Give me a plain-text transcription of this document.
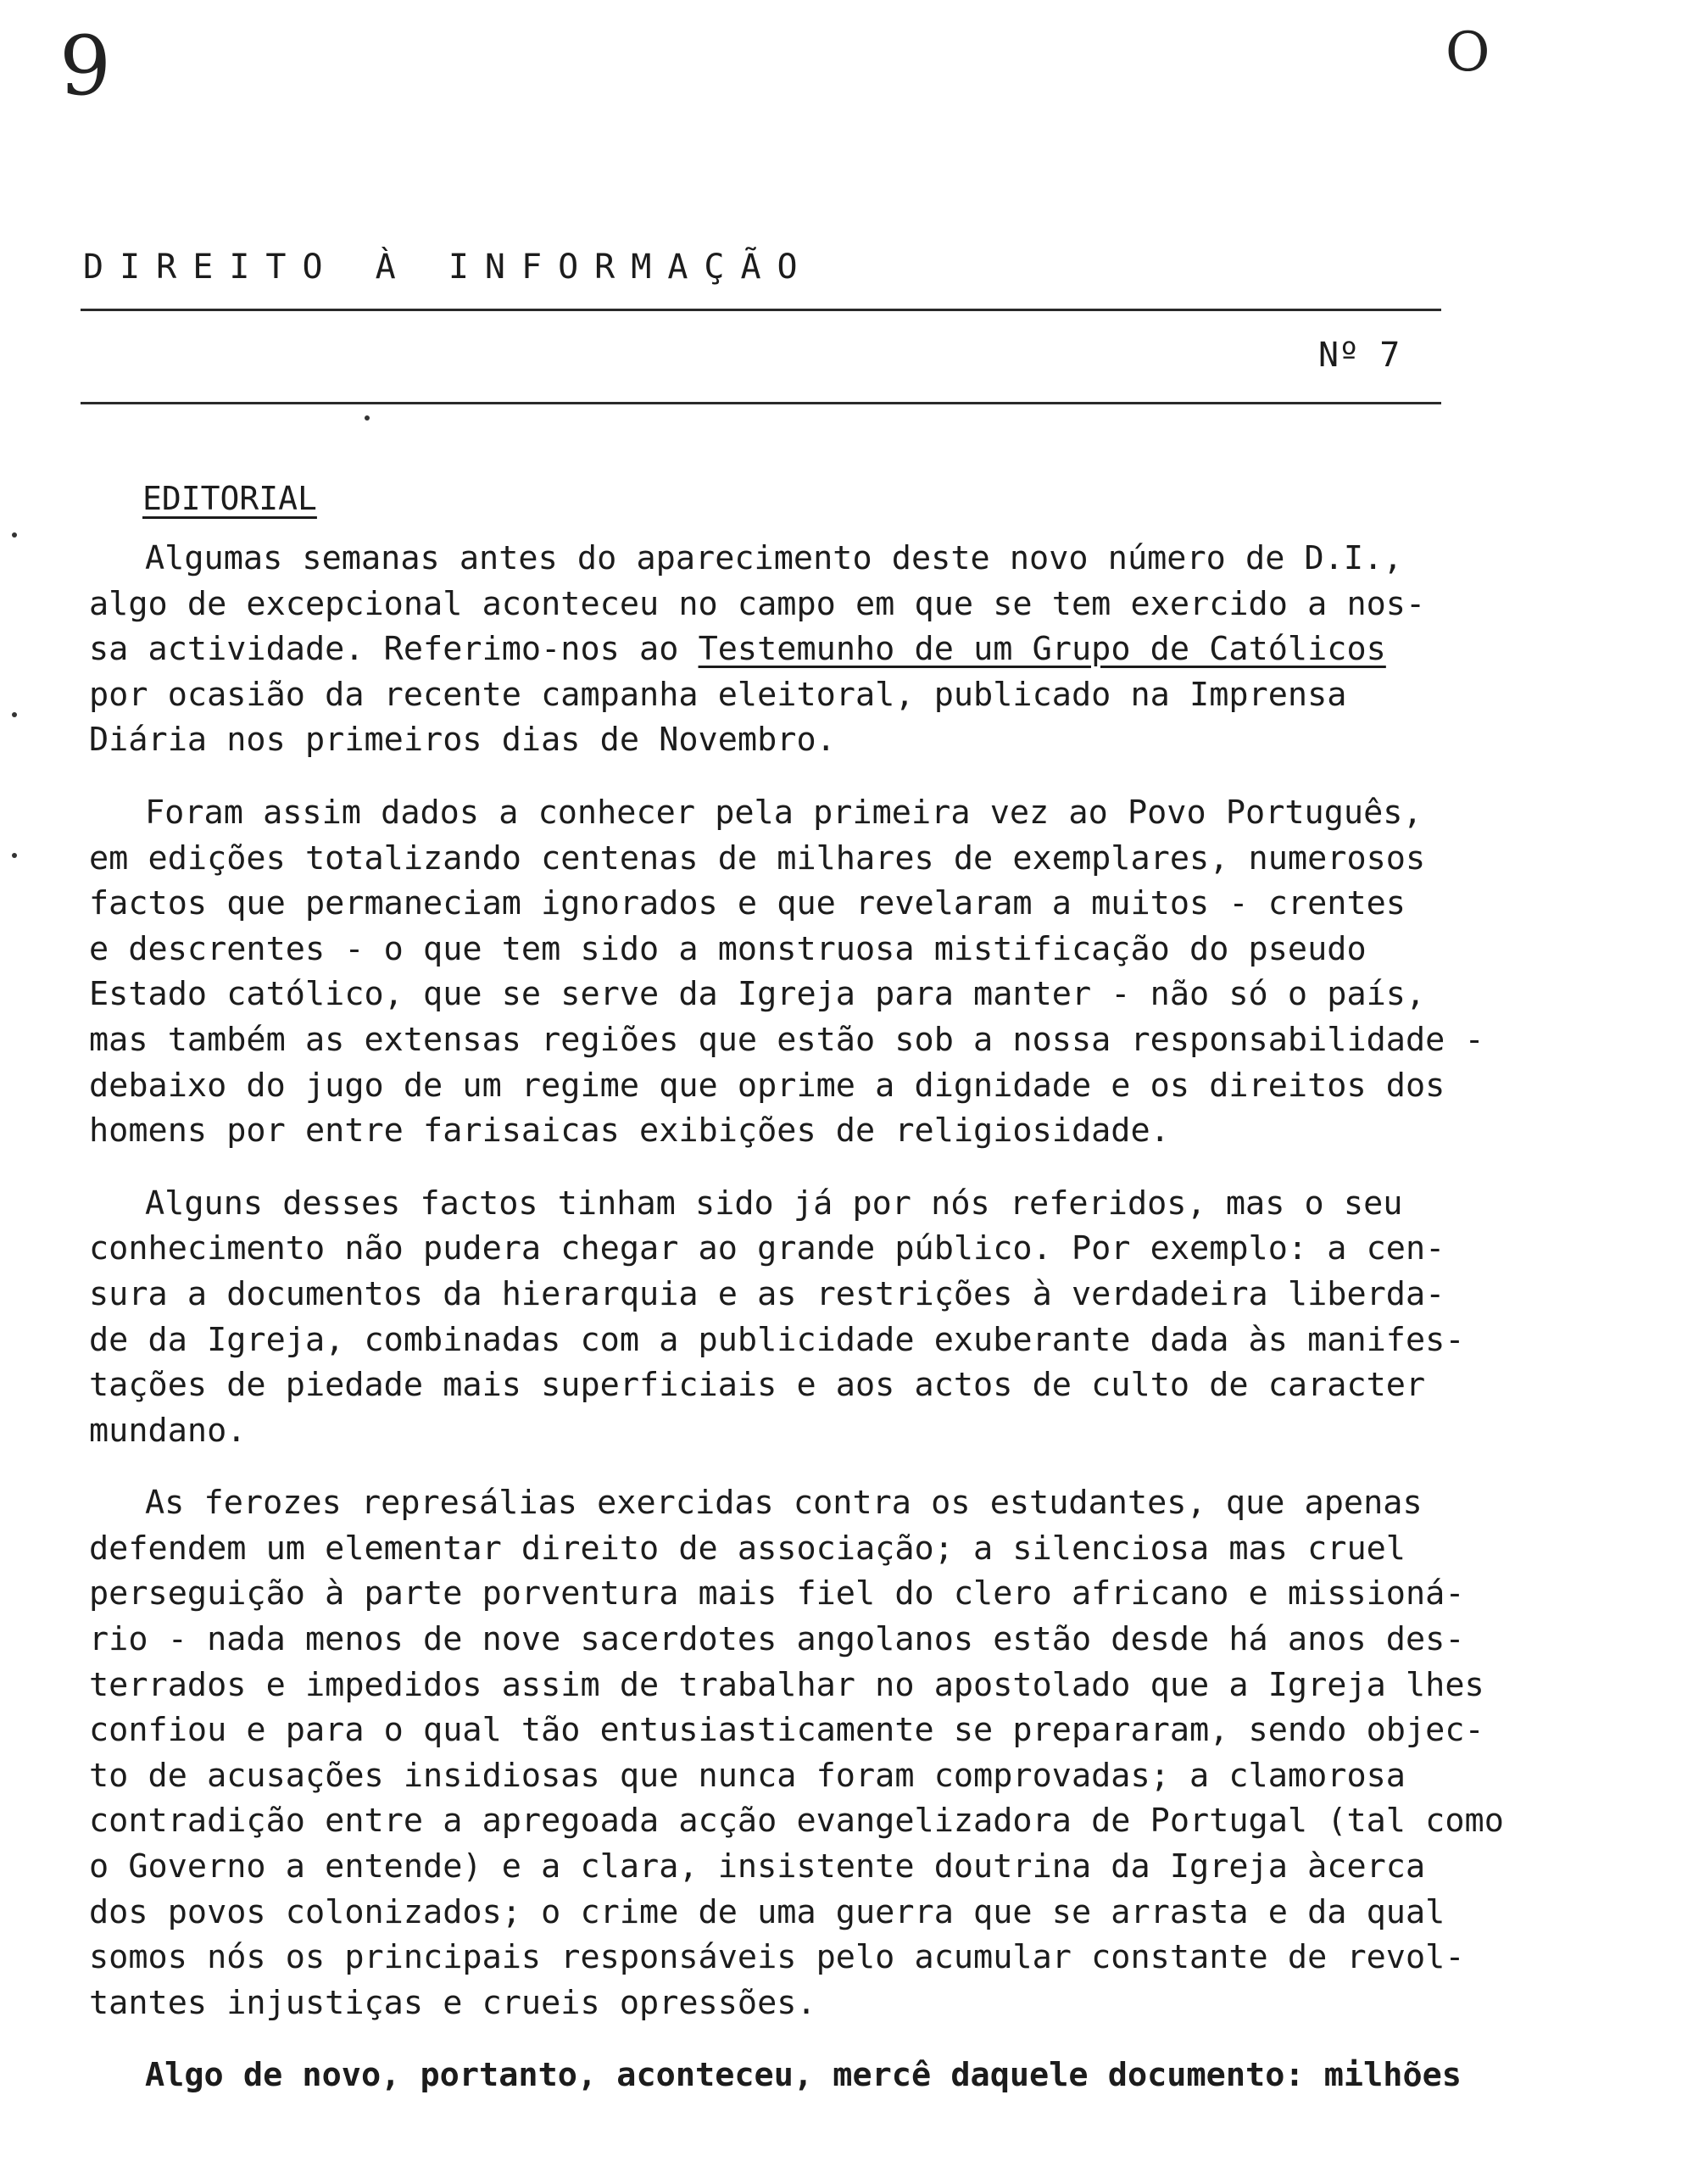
9	O
DIREITO À INFORMAÇÃO
Nº 7
EDITORIAL

Algumas semanas antes do aparecimento deste novo número de D.I.,
algo de excepcional aconteceu no campo em que se tem exercido a nos-
sa actividade. Referimo-nos ao Testemunho de um Grupo de Católicos
por ocasião da recente campanha eleitoral, publicado na Imprensa
Diária nos primeiros dias de Novembro.

Foram assim dados a conhecer pela primeira vez ao Povo Português,
em edições totalizando centenas de milhares de exemplares, numerosos
factos que permaneciam ignorados e que revelaram a muitos - crentes
e descrentes - o que tem sido a monstruosa mistificação do pseudo
Estado católico, que se serve da Igreja para manter - não só o país,
mas também as extensas regiões que estão sob a nossa responsabilidade -
debaixo do jugo de um regime que oprime a dignidade e os direitos dos
homens por entre farisaicas exibições de religiosidade.

Alguns desses factos tinham sido já por nós referidos, mas o seu
conhecimento não pudera chegar ao grande público. Por exemplo: a cen-
sura a documentos da hierarquia e as restrições à verdadeira liberda-
de da Igreja, combinadas com a publicidade exuberante dada às manifes-
tações de piedade mais superficiais e aos actos de culto de caracter
mundano.

As ferozes represálias exercidas contra os estudantes, que apenas
defendem um elementar direito de associação; a silenciosa mas cruel
perseguição à parte porventura mais fiel do clero africano e missioná-
rio - nada menos de nove sacerdotes angolanos estão desde há anos des-
terrados e impedidos assim de trabalhar no apostolado que a Igreja lhes
confiou e para o qual tão entusiasticamente se prepararam, sendo objec-
to de acusações insidiosas que nunca foram comprovadas; a clamorosa
contradição entre a apregoada acção evangelizadora de Portugal (tal como
o Governo a entende) e a clara, insistente doutrina da Igreja àcerca
dos povos colonizados; o crime de uma guerra que se arrasta e da qual
somos nós os principais responsáveis pelo acumular constante de revol-
tantes injustiças e crueis opressões.

Algo de novo, portanto, aconteceu, mercê daquele documento: milhões
